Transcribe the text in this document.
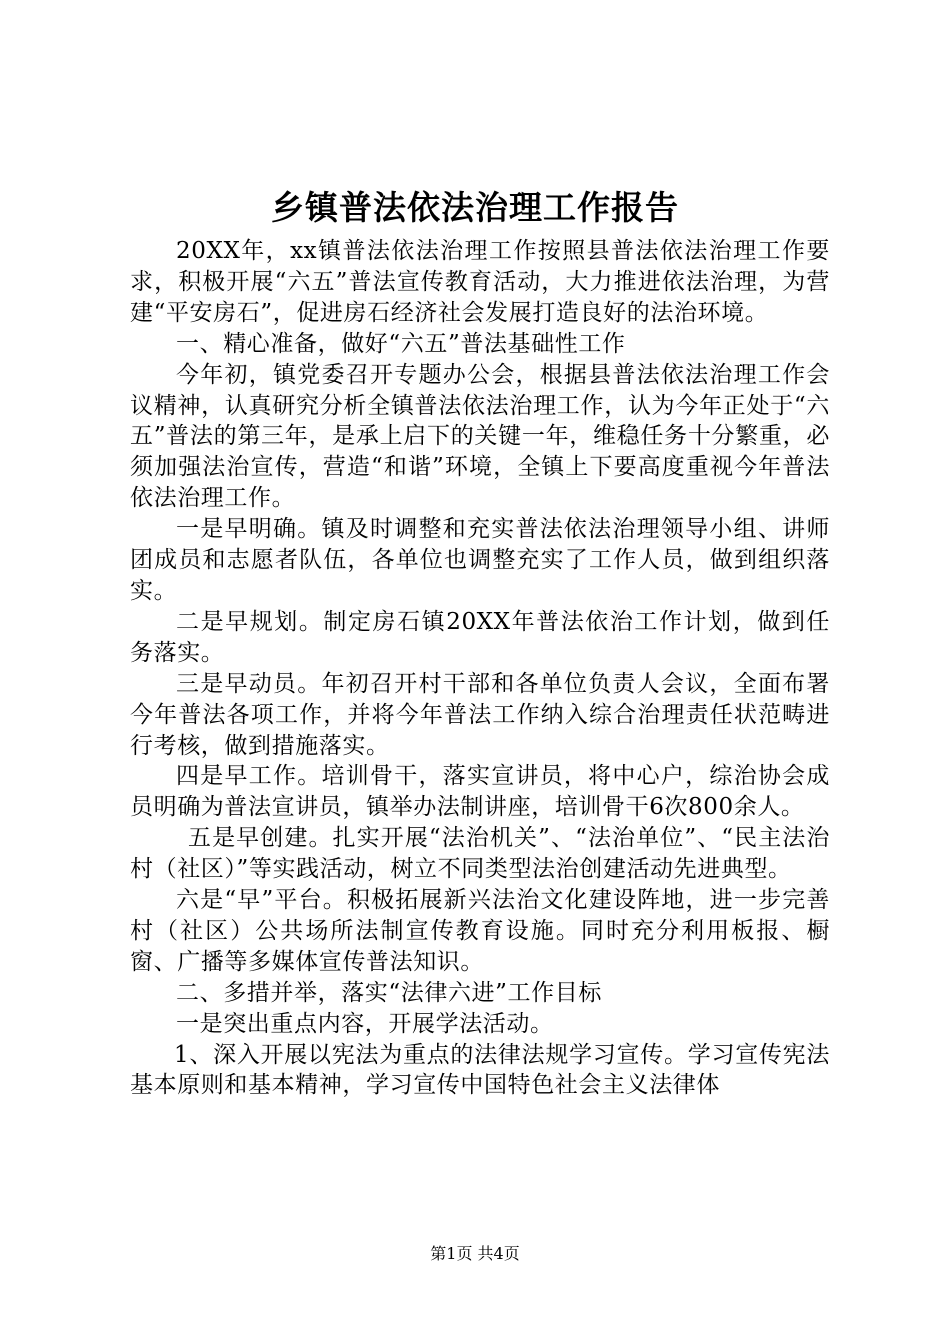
乡镇普法依法治理工作报告

20XX年，xx镇普法依法治理工作按照县普法依法治理工作要求，积极开展“六五”普法宣传教育活动，大力推进依法治理，为营建“平安房石”，促进房石经济社会发展打造良好的法治环境。

一、精心准备，做好“六五”普法基础性工作

今年初，镇党委召开专题办公会，根据县普法依法治理工作会议精神，认真研究分析全镇普法依法治理工作，认为今年正处于“六五”普法的第三年，是承上启下的关键一年，维稳任务十分繁重，必须加强法治宣传，营造“和谐”环境，全镇上下要高度重视今年普法依法治理工作。

一是早明确。镇及时调整和充实普法依法治理领导小组、讲师团成员和志愿者队伍，各单位也调整充实了工作人员，做到组织落实。

二是早规划。制定房石镇20XX年普法依治工作计划，做到任务落实。

三是早动员。年初召开村干部和各单位负责人会议，全面布署今年普法各项工作，并将今年普法工作纳入综合治理责任状范畴进行考核，做到措施落实。

四是早工作。培训骨干，落实宣讲员，将中心户，综治协会成员明确为普法宣讲员，镇举办法制讲座，培训骨干6次800余人。

五是早创建。扎实开展“法治机关”、“法治单位”、“民主法治村（社区）”等实践活动，树立不同类型法治创建活动先进典型。

六是“早”平台。积极拓展新兴法治文化建设阵地，进一步完善村（社区）公共场所法制宣传教育设施。同时充分利用板报、橱窗、广播等多媒体宣传普法知识。

二、多措并举，落实“法律六进”工作目标

一是突出重点内容，开展学法活动。

1、深入开展以宪法为重点的法律法规学习宣传。学习宣传宪法基本原则和基本精神，学习宣传中国特色社会主义法律体

第1页 共4页
